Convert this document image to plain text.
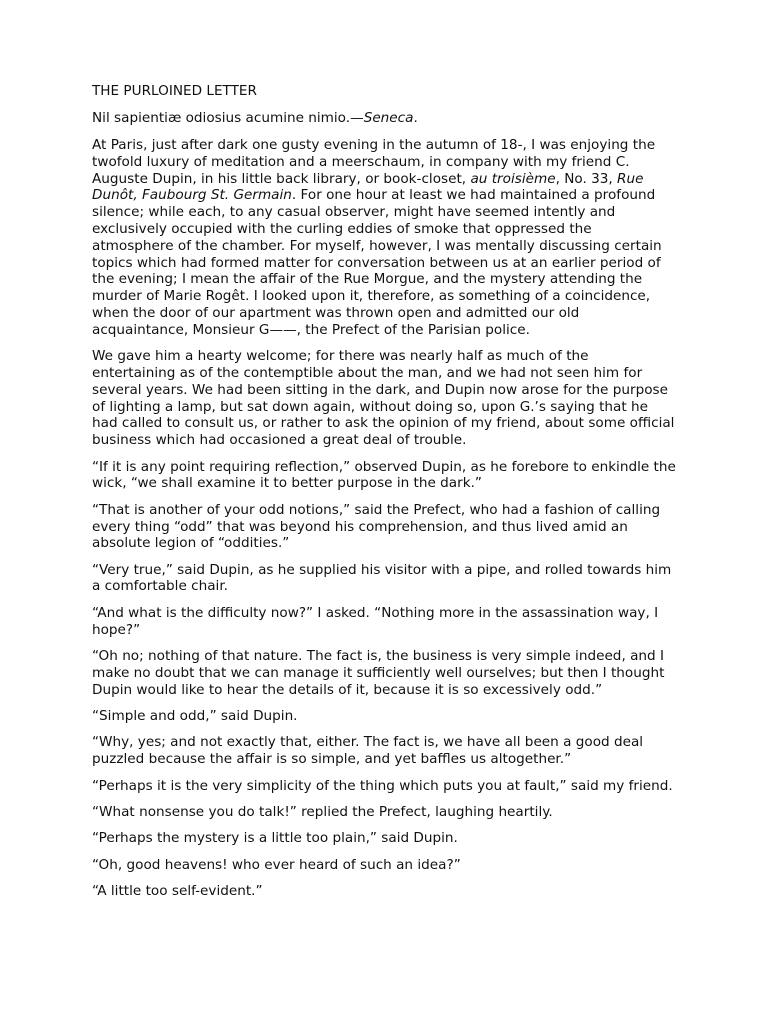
THE PURLOINED LETTER

Nil sapientiæ odiosius acumine nimio.—Seneca.

At Paris, just after dark one gusty evening in the autumn of 18-, I was enjoying the twofold luxury of meditation and a meerschaum, in company with my friend C. Auguste Dupin, in his little back library, or book-closet, au troisième, No. 33, Rue Dunôt, Faubourg St. Germain. For one hour at least we had maintained a profound silence; while each, to any casual observer, might have seemed intently and exclusively occupied with the curling eddies of smoke that oppressed the atmosphere of the chamber. For myself, however, I was mentally discussing certain topics which had formed matter for conversation between us at an earlier period of the evening; I mean the affair of the Rue Morgue, and the mystery attending the murder of Marie Rogêt. I looked upon it, therefore, as something of a coincidence, when the door of our apartment was thrown open and admitted our old acquaintance, Monsieur G——, the Prefect of the Parisian police.

We gave him a hearty welcome; for there was nearly half as much of the entertaining as of the contemptible about the man, and we had not seen him for several years. We had been sitting in the dark, and Dupin now arose for the purpose of lighting a lamp, but sat down again, without doing so, upon G.’s saying that he had called to consult us, or rather to ask the opinion of my friend, about some official business which had occasioned a great deal of trouble.

“If it is any point requiring reflection,” observed Dupin, as he forebore to enkindle the wick, “we shall examine it to better purpose in the dark.”

“That is another of your odd notions,” said the Prefect, who had a fashion of calling every thing “odd” that was beyond his comprehension, and thus lived amid an absolute legion of “oddities.”

“Very true,” said Dupin, as he supplied his visitor with a pipe, and rolled towards him a comfortable chair.

“And what is the difficulty now?” I asked. “Nothing more in the assassination way, I hope?”

“Oh no; nothing of that nature. The fact is, the business is very simple indeed, and I make no doubt that we can manage it sufficiently well ourselves; but then I thought Dupin would like to hear the details of it, because it is so excessively odd.”

“Simple and odd,” said Dupin.

“Why, yes; and not exactly that, either. The fact is, we have all been a good deal puzzled because the affair is so simple, and yet baffles us altogether.”

“Perhaps it is the very simplicity of the thing which puts you at fault,” said my friend.

“What nonsense you do talk!” replied the Prefect, laughing heartily.

“Perhaps the mystery is a little too plain,” said Dupin.

“Oh, good heavens! who ever heard of such an idea?”

“A little too self-evident.”
